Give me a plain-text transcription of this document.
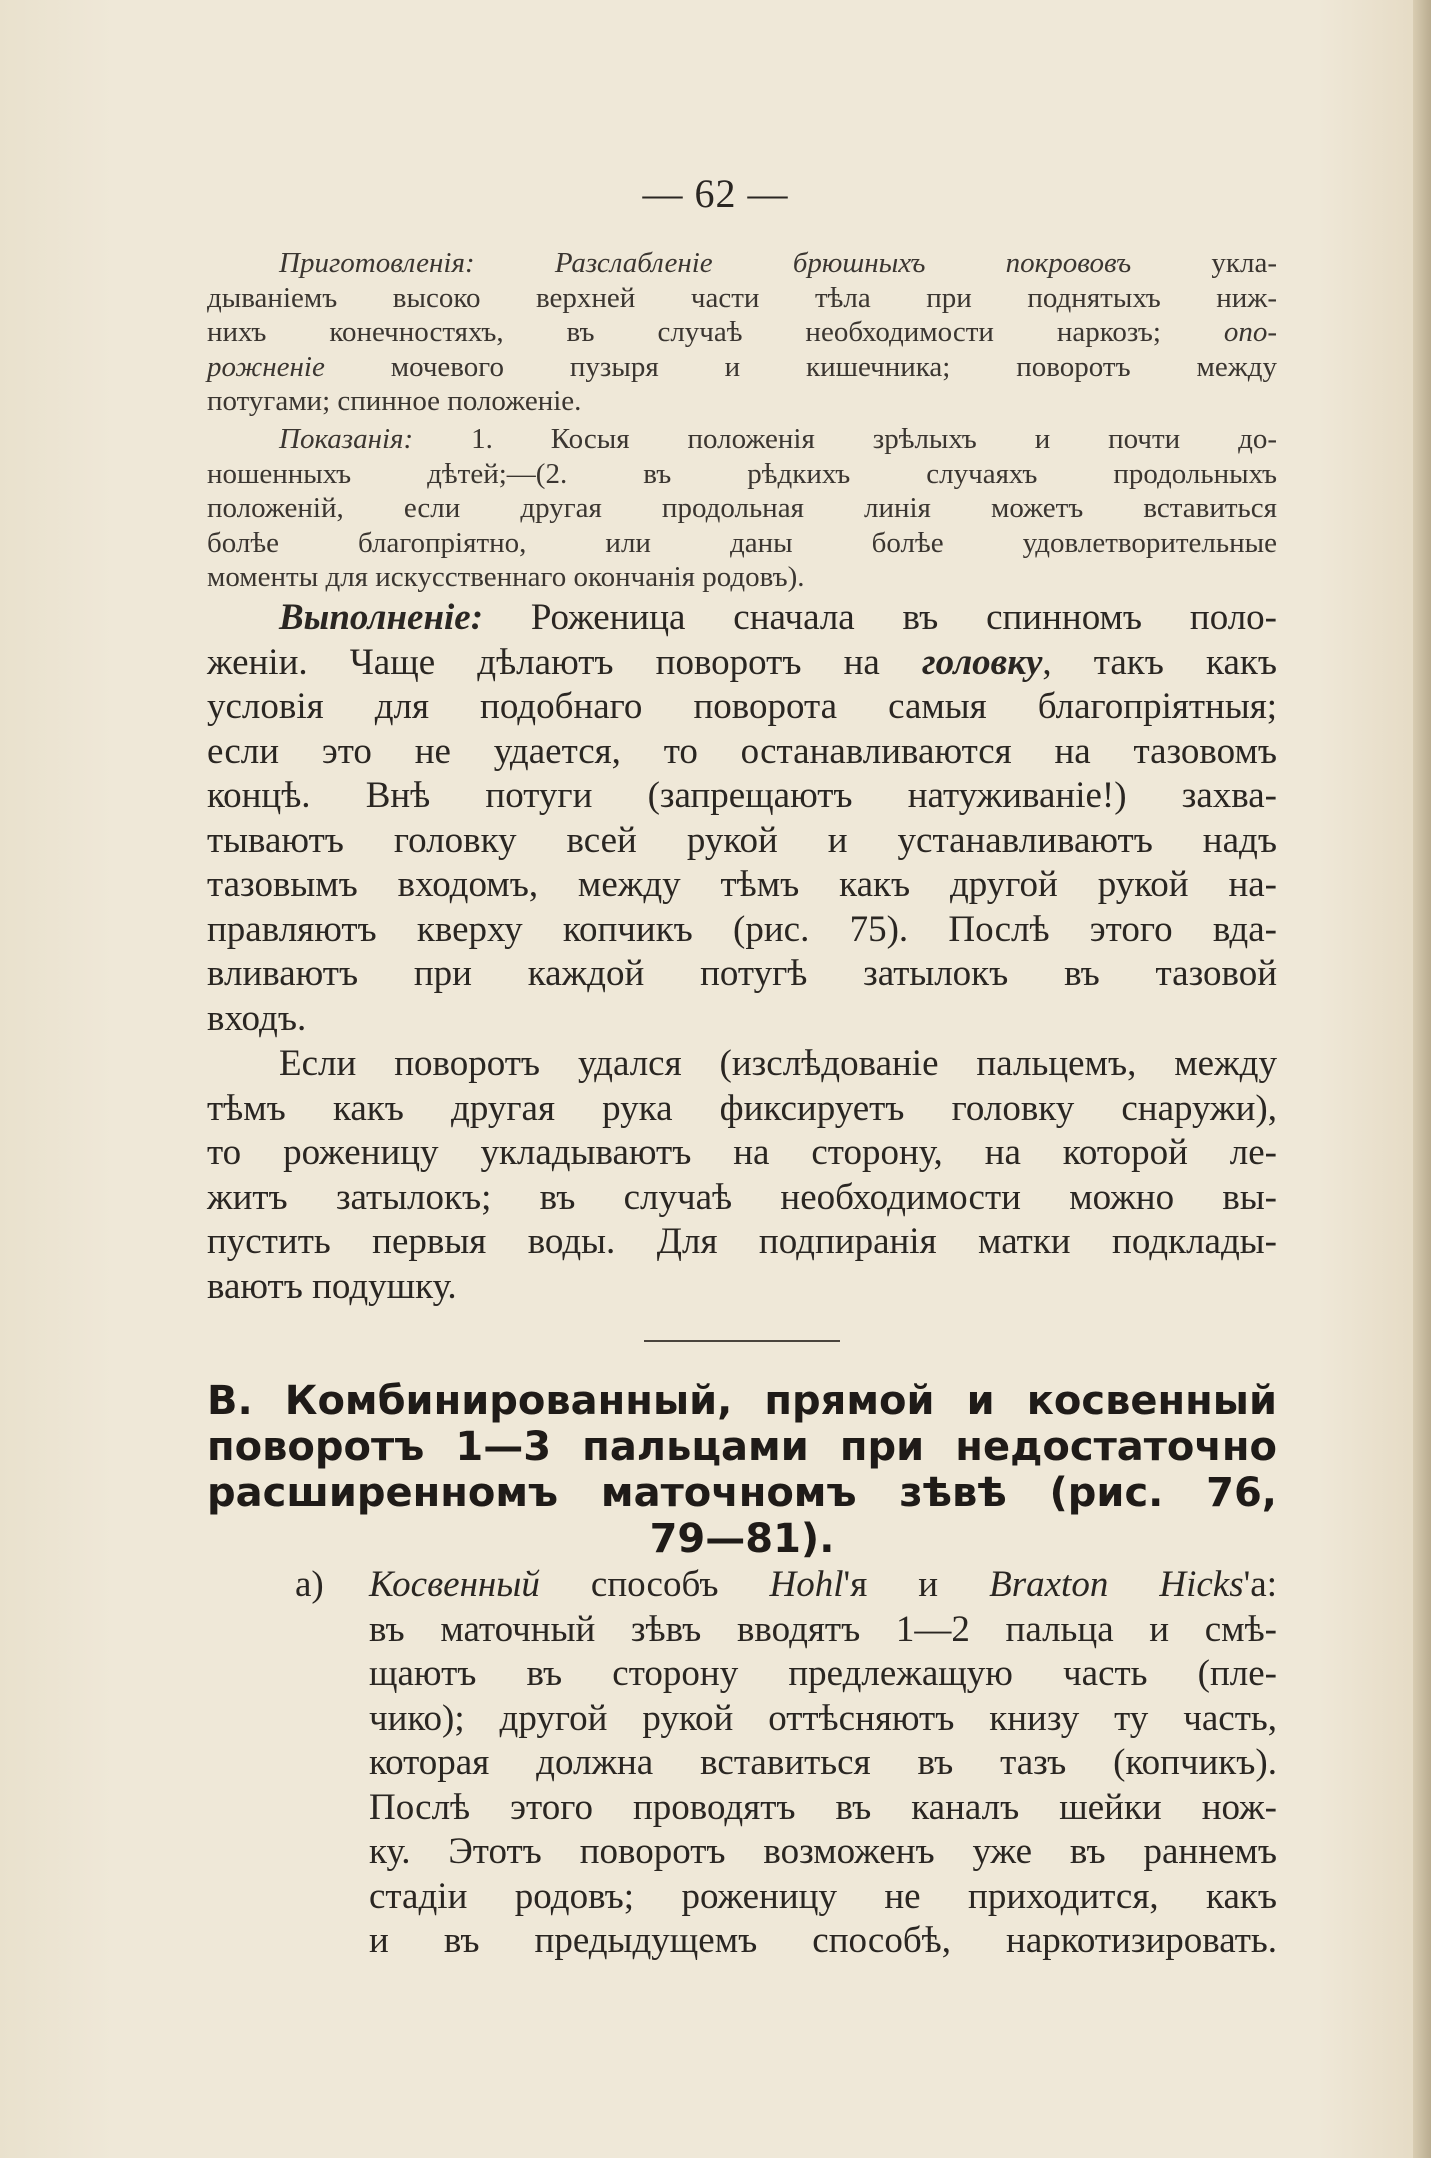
— 62 —
Приготовленія:	Разслабленіе брюшныхъ покрововъ	укла-
дываніемъ высоко верхней части тѣла при поднятыхъ ниж-
нихъ конечностяхъ, въ случаѣ необходимости наркозъ; опо-
рожненіе мочевого пузыря и кишечника; поворотъ между
потугами; спинное положеніе.
Показанія: 1. Косыя положенія зрѣлыхъ и почти до-
ношенныхъ дѣтей;—(2. въ рѣдкихъ случаяхъ продольныхъ
положеній, если другая продольная линія можетъ вставиться
болѣе благопріятно, или даны болѣе удовлетворительные
моменты для искусственнаго окончанія родовъ).
Выполненіе: Роженица сначала въ спинномъ поло-
женіи. Чаще дѣлаютъ поворотъ на головку, такъ какъ
условія для подобнаго поворота самыя благопріятныя;
если это не удается, то останавливаются на тазовомъ
концѣ. Внѣ потуги (запрещаютъ натуживаніе!) захва-
тываютъ головку всей рукой и устанавливаютъ надъ
тазовымъ входомъ, между тѣмъ какъ другой рукой на-
правляютъ кверху копчикъ (рис. 75). Послѣ этого вда-
вливаютъ при каждой потугѣ затылокъ въ тазовой
входъ.
Если поворотъ удался (изслѣдованіе пальцемъ, между
тѣмъ какъ другая рука фиксируетъ головку снаружи),
то роженицу укладываютъ на сторону, на которой ле-
житъ затылокъ; въ случаѣ необходимости можно вы-
пустить первыя воды. Для подпиранія матки подклады-
ваютъ подушку.
В. Комбинированный, прямой и косвенный
поворотъ 1—3 пальцами при недостаточно
расширенномъ маточномъ зѣвѣ (рис. 76,
79—81).
а) Косвенный способъ Hohl'я и Braxton Hicks'а:
въ маточный зѣвъ вводятъ 1—2 пальца и смѣ-
щаютъ въ сторону предлежащую часть (пле-
чико); другой рукой оттѣсняютъ книзу ту часть,
которая должна вставиться въ тазъ (копчикъ).
Послѣ этого проводятъ въ каналъ шейки нож-
ку. Этотъ поворотъ возможенъ уже въ раннемъ
стадіи родовъ; роженицу не приходится, какъ
и въ предыдущемъ способѣ, наркотизировать.
